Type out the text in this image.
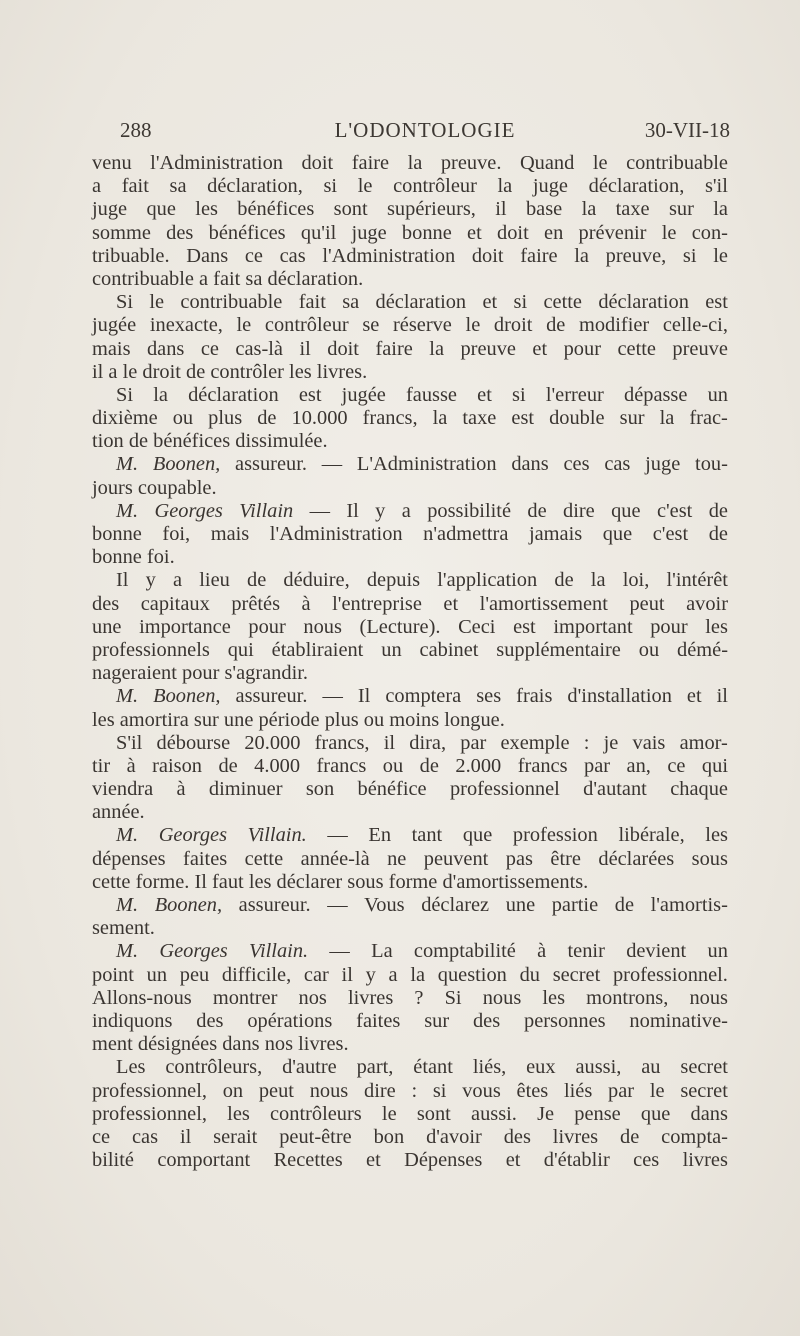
288	L'ODONTOLOGIE	30-VII-18
venu l'Administration doit faire la preuve. Quand le contribuable
a fait sa déclaration, si le contrôleur la juge déclaration, s'il
juge que les bénéfices sont supérieurs, il base la taxe sur la
somme des bénéfices qu'il juge bonne et doit en prévenir le con-
tribuable. Dans ce cas l'Administration doit faire la preuve, si le
contribuable a fait sa déclaration.
Si le contribuable fait sa déclaration et si cette déclaration est
jugée inexacte, le contrôleur se réserve le droit de modifier celle-ci,
mais dans ce cas-là il doit faire la preuve et pour cette preuve
il a le droit de contrôler les livres.
Si la déclaration est jugée fausse et si l'erreur dépasse un
dixième ou plus de 10.000 francs, la taxe est double sur la frac-
tion de bénéfices dissimulée.
M. Boonen, assureur. — L'Administration dans ces cas juge tou-
jours coupable.
M. Georges Villain — Il y a possibilité de dire que c'est de
bonne foi, mais l'Administration n'admettra jamais que c'est de
bonne foi.
Il y a lieu de déduire, depuis l'application de la loi, l'intérêt
des capitaux prêtés à l'entreprise et l'amortissement peut avoir
une importance pour nous (Lecture). Ceci est important pour les
professionnels qui établiraient un cabinet supplémentaire ou démé-
nageraient pour s'agrandir.
M. Boonen, assureur. — Il comptera ses frais d'installation et il
les amortira sur une période plus ou moins longue.
S'il débourse 20.000 francs, il dira, par exemple : je vais amor-
tir à raison de 4.000 francs ou de 2.000 francs par an, ce qui
viendra à diminuer son bénéfice professionnel d'autant chaque
année.
M. Georges Villain. — En tant que profession libérale, les
dépenses faites cette année-là ne peuvent pas être déclarées sous
cette forme. Il faut les déclarer sous forme d'amortissements.
M. Boonen, assureur. — Vous déclarez une partie de l'amortis-
sement.
M. Georges Villain. — La comptabilité à tenir devient un
point un peu difficile, car il y a la question du secret professionnel.
Allons-nous montrer nos livres ? Si nous les montrons, nous
indiquons des opérations faites sur des personnes nominative-
ment désignées dans nos livres.
Les contrôleurs, d'autre part, étant liés, eux aussi, au secret
professionnel, on peut nous dire : si vous êtes liés par le secret
professionnel, les contrôleurs le sont aussi. Je pense que dans
ce cas il serait peut-être bon d'avoir des livres de compta-
bilité comportant Recettes et Dépenses et d'établir ces livres
